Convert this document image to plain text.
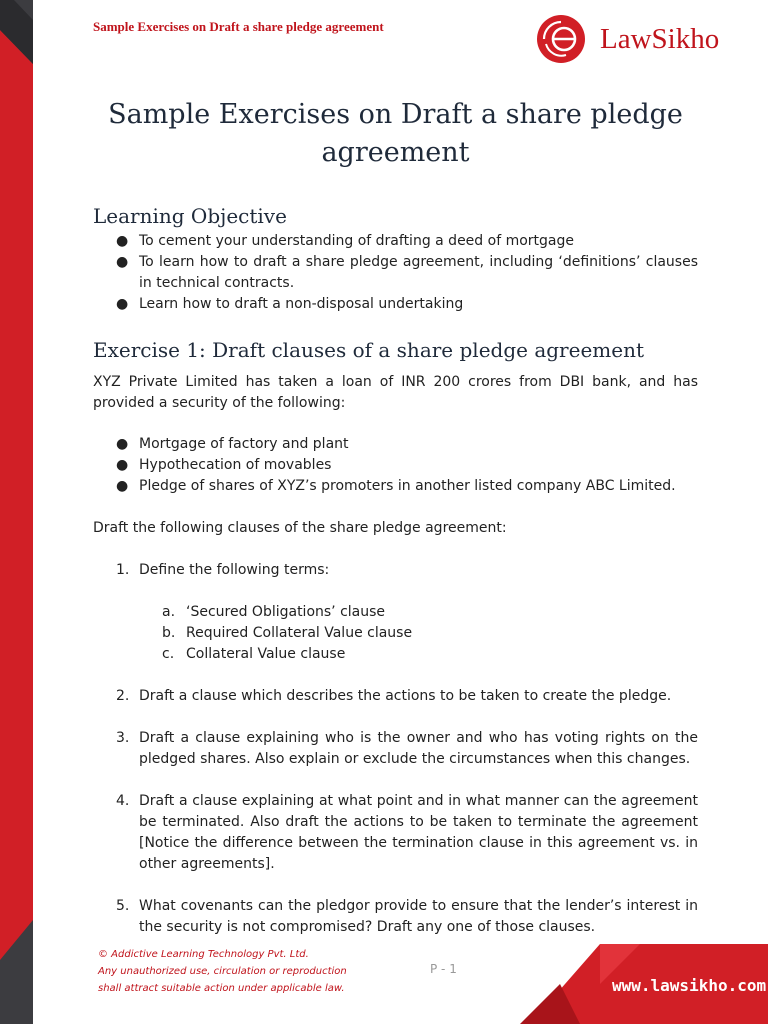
Sample Exercises on Draft a share pledge agreement	LawSikho
Sample Exercises on Draft a share pledge agreement
Learning Objective
● To cement your understanding of drafting a deed of mortgage
● To learn how to draft a share pledge agreement, including ‘definitions’ clauses in technical contracts.
● Learn how to draft a non-disposal undertaking
Exercise 1: Draft clauses of a share pledge agreement

XYZ Private Limited has taken a loan of INR 200 crores from DBI bank, and has provided a security of the following:

● Mortgage of factory and plant
● Hypothecation of movables
● Pledge of shares of XYZ’s promoters in another listed company ABC Limited.

Draft the following clauses of the share pledge agreement:

1. Define the following terms:
a. ‘Secured Obligations’ clause
b. Required Collateral Value clause
c. Collateral Value clause
2. Draft a clause which describes the actions to be taken to create the pledge.
3. Draft a clause explaining who is the owner and who has voting rights on the pledged shares. Also explain or exclude the circumstances when this changes.
4. Draft a clause explaining at what point and in what manner can the agreement be terminated. Also draft the actions to be taken to terminate the agreement [Notice the difference between the termination clause in this agreement vs. in other agreements].
5. What covenants can the pledgor provide to ensure that the lender’s interest in the security is not compromised? Draft any one of those clauses.
© Addictive Learning Technology Pvt. Ltd.
Any unauthorized use, circulation or reproduction
shall attract suitable action under applicable law.
P - 1
www.lawsikho.com
